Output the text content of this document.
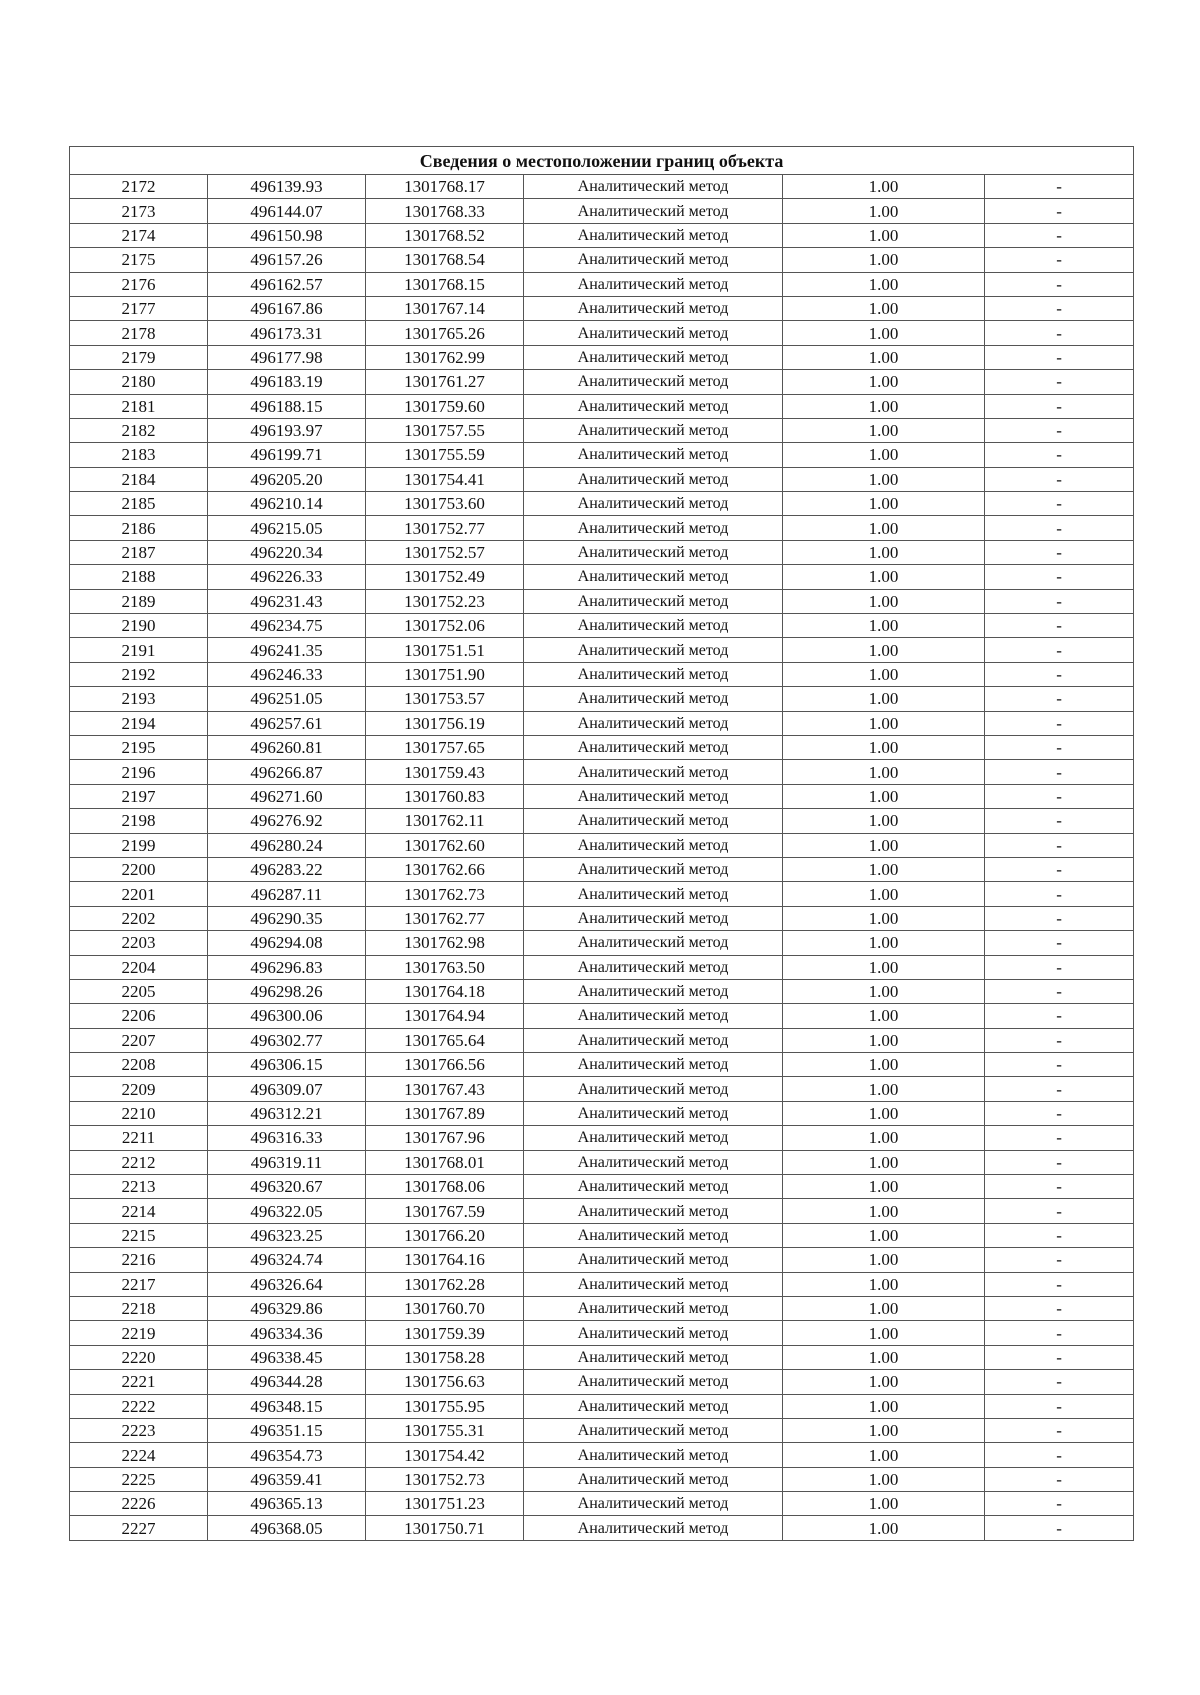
Сведения о местоположении границ объекта					
2172	496139.93	1301768.17	Аналитический метод	1.00	-
2173	496144.07	1301768.33	Аналитический метод	1.00	-
2174	496150.98	1301768.52	Аналитический метод	1.00	-
2175	496157.26	1301768.54	Аналитический метод	1.00	-
2176	496162.57	1301768.15	Аналитический метод	1.00	-
2177	496167.86	1301767.14	Аналитический метод	1.00	-
2178	496173.31	1301765.26	Аналитический метод	1.00	-
2179	496177.98	1301762.99	Аналитический метод	1.00	-
2180	496183.19	1301761.27	Аналитический метод	1.00	-
2181	496188.15	1301759.60	Аналитический метод	1.00	-
2182	496193.97	1301757.55	Аналитический метод	1.00	-
2183	496199.71	1301755.59	Аналитический метод	1.00	-
2184	496205.20	1301754.41	Аналитический метод	1.00	-
2185	496210.14	1301753.60	Аналитический метод	1.00	-
2186	496215.05	1301752.77	Аналитический метод	1.00	-
2187	496220.34	1301752.57	Аналитический метод	1.00	-
2188	496226.33	1301752.49	Аналитический метод	1.00	-
2189	496231.43	1301752.23	Аналитический метод	1.00	-
2190	496234.75	1301752.06	Аналитический метод	1.00	-
2191	496241.35	1301751.51	Аналитический метод	1.00	-
2192	496246.33	1301751.90	Аналитический метод	1.00	-
2193	496251.05	1301753.57	Аналитический метод	1.00	-
2194	496257.61	1301756.19	Аналитический метод	1.00	-
2195	496260.81	1301757.65	Аналитический метод	1.00	-
2196	496266.87	1301759.43	Аналитический метод	1.00	-
2197	496271.60	1301760.83	Аналитический метод	1.00	-
2198	496276.92	1301762.11	Аналитический метод	1.00	-
2199	496280.24	1301762.60	Аналитический метод	1.00	-
2200	496283.22	1301762.66	Аналитический метод	1.00	-
2201	496287.11	1301762.73	Аналитический метод	1.00	-
2202	496290.35	1301762.77	Аналитический метод	1.00	-
2203	496294.08	1301762.98	Аналитический метод	1.00	-
2204	496296.83	1301763.50	Аналитический метод	1.00	-
2205	496298.26	1301764.18	Аналитический метод	1.00	-
2206	496300.06	1301764.94	Аналитический метод	1.00	-
2207	496302.77	1301765.64	Аналитический метод	1.00	-
2208	496306.15	1301766.56	Аналитический метод	1.00	-
2209	496309.07	1301767.43	Аналитический метод	1.00	-
2210	496312.21	1301767.89	Аналитический метод	1.00	-
2211	496316.33	1301767.96	Аналитический метод	1.00	-
2212	496319.11	1301768.01	Аналитический метод	1.00	-
2213	496320.67	1301768.06	Аналитический метод	1.00	-
2214	496322.05	1301767.59	Аналитический метод	1.00	-
2215	496323.25	1301766.20	Аналитический метод	1.00	-
2216	496324.74	1301764.16	Аналитический метод	1.00	-
2217	496326.64	1301762.28	Аналитический метод	1.00	-
2218	496329.86	1301760.70	Аналитический метод	1.00	-
2219	496334.36	1301759.39	Аналитический метод	1.00	-
2220	496338.45	1301758.28	Аналитический метод	1.00	-
2221	496344.28	1301756.63	Аналитический метод	1.00	-
2222	496348.15	1301755.95	Аналитический метод	1.00	-
2223	496351.15	1301755.31	Аналитический метод	1.00	-
2224	496354.73	1301754.42	Аналитический метод	1.00	-
2225	496359.41	1301752.73	Аналитический метод	1.00	-
2226	496365.13	1301751.23	Аналитический метод	1.00	-
2227	496368.05	1301750.71	Аналитический метод	1.00	-
